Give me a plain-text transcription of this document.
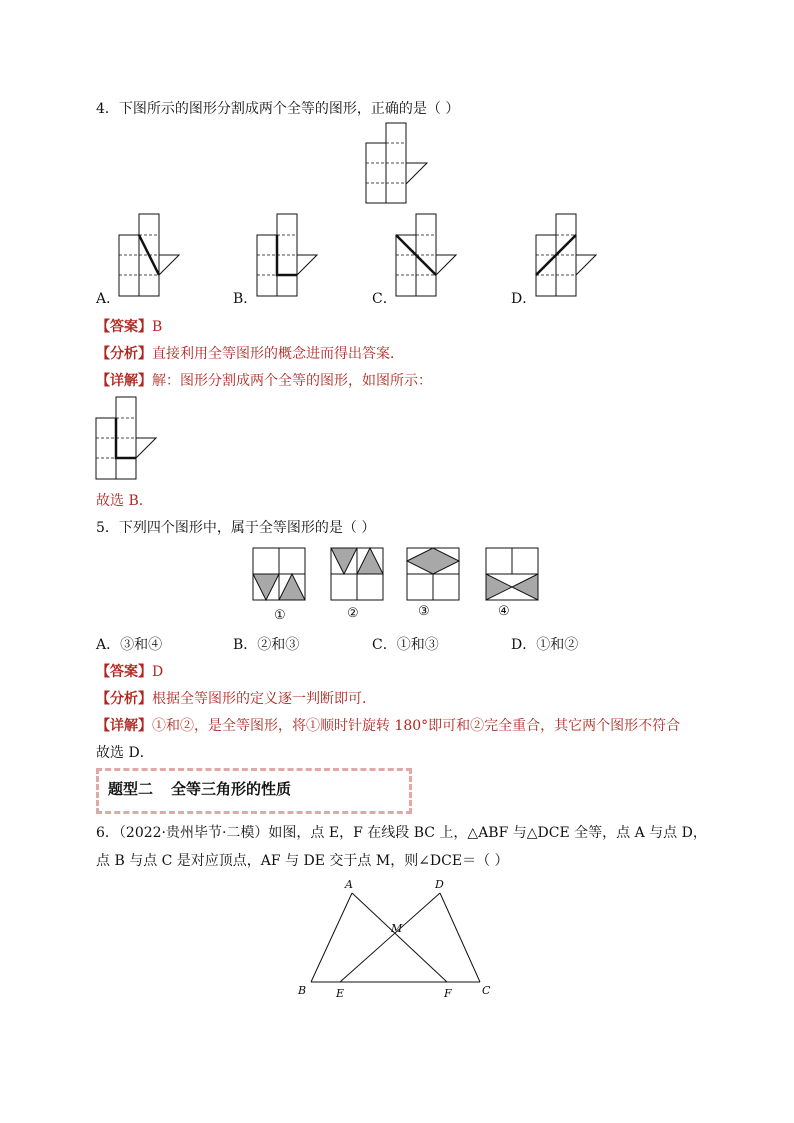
4．下图所示的图形分割成两个全等的图形，正确的是（ ）
A．	B．	C．	D．
【答案】B
【分析】直接利用全等图形的概念进而得出答案．
【详解】解：图形分割成两个全等的图形，如图所示：
故选 B．
5．下列四个图形中，属于全等图形的是（ ）
①	②	③	④
A．③和④	B．②和③	C．①和③	D．①和②
【答案】D
【分析】根据全等图形的定义逐一判断即可．
【详解】①和②，是全等图形，将①顺时针旋转 180°即可和②完全重合，其它两个图形不符合
故选 D．
题型二 全等三角形的性质
6．（2022·贵州毕节·二模）如图，点 E，F 在线段 BC 上，△ABF 与△DCE 全等，点 A 与点 D，
点 B 与点 C 是对应顶点，AF 与 DE 交于点 M，则∠DCE＝（ ）
A	D
M
B	E	F	C
